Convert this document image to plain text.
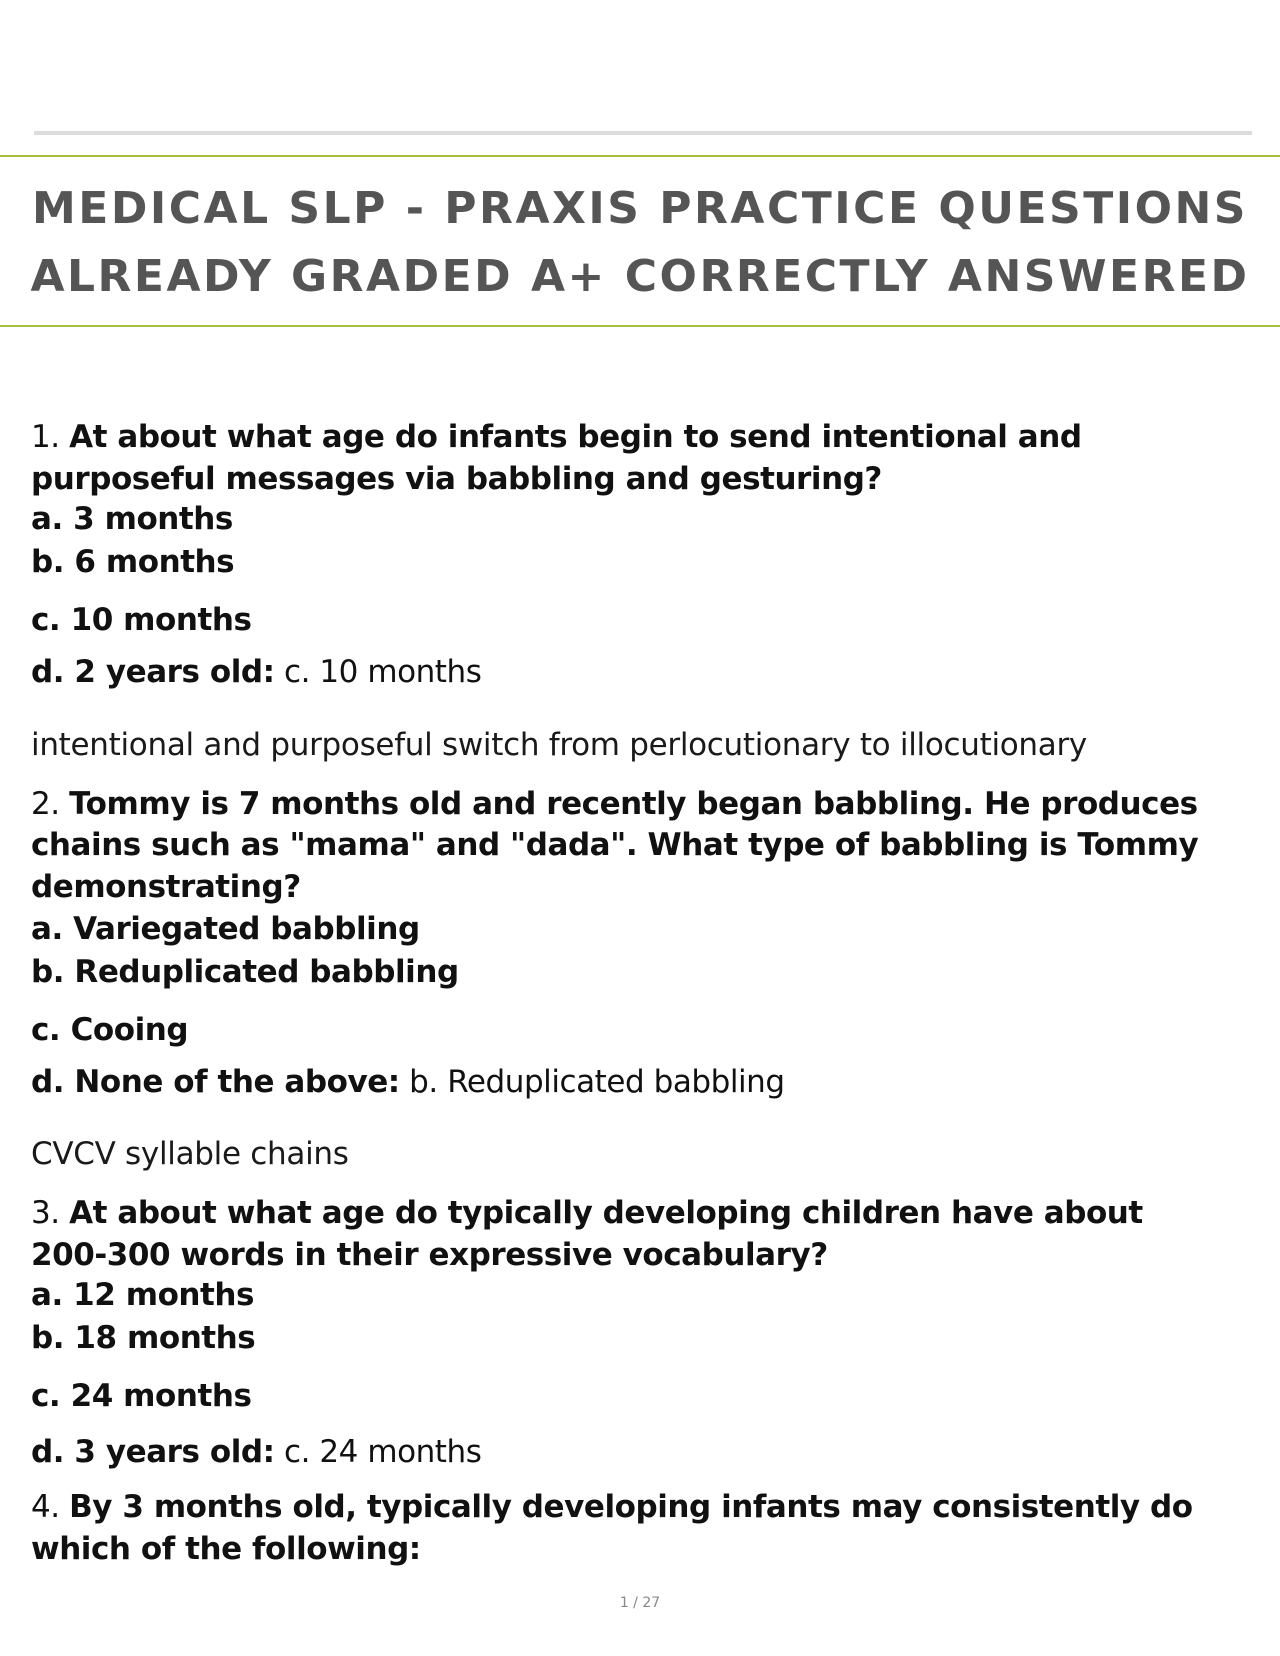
MEDICAL SLP - PRAXIS PRACTICE QUESTIONS
ALREADY GRADED A+ CORRECTLY ANSWERED
1. At about what age do infants begin to send intentional and
purposeful messages via babbling and gesturing?
a. 3 months
b. 6 months
c. 10 months
d. 2 years old: c. 10 months
intentional and purposeful switch from perlocutionary to illocutionary
2. Tommy is 7 months old and recently began babbling. He produces
chains such as "mama" and "dada". What type of babbling is Tommy
demonstrating?
a. Variegated babbling
b. Reduplicated babbling
c. Cooing
d. None of the above: b. Reduplicated babbling
CVCV syllable chains
3. At about what age do typically developing children have about
200-300 words in their expressive vocabulary?
a. 12 months
b. 18 months
c. 24 months
d. 3 years old: c. 24 months
4. By 3 months old, typically developing infants may consistently do
which of the following:
1 / 27
